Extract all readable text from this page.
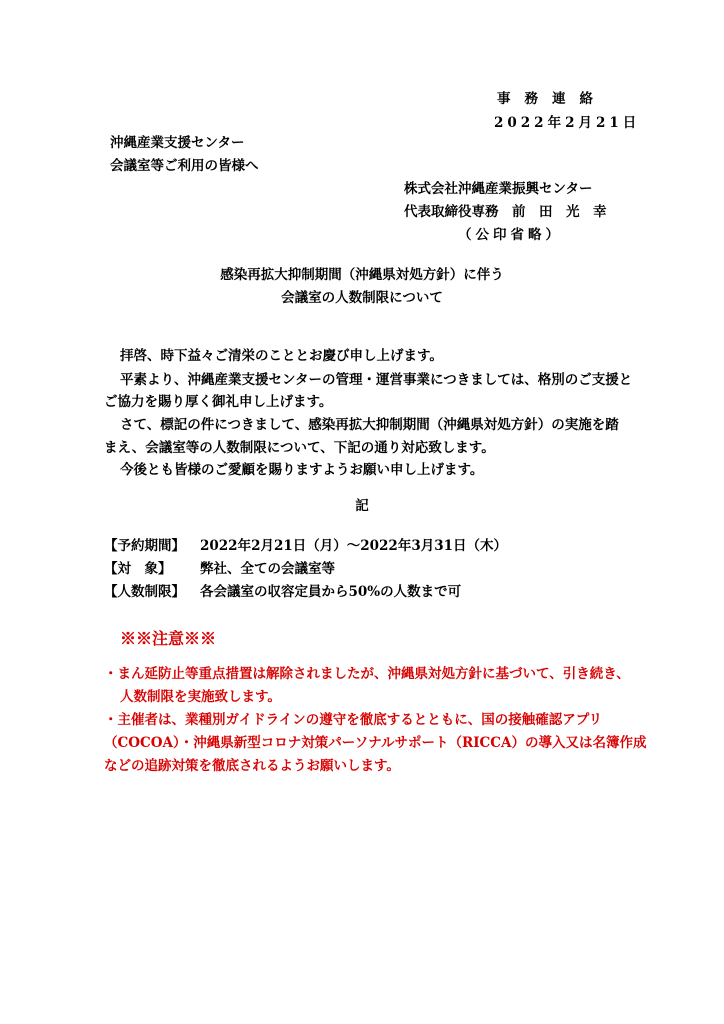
事務連絡
2022年2月21日
沖縄産業支援センター
会議室等ご利用の皆様へ
株式会社沖縄産業振興センター
代表取締役専務　前　田　光　幸
（公印省略）
感染再拡大抑制期間（沖縄県対処方針）に伴う
会議室の人数制限について
拝啓、時下益々ご清栄のこととお慶び申し上げます。
平素より、沖縄産業支援センターの管理・運営事業につきましては、格別のご支援と
ご協力を賜り厚く御礼申し上げます。
さて、標記の件につきまして、感染再拡大抑制期間（沖縄県対処方針）の実施を踏
まえ、会議室等の人数制限について、下記の通り対応致します。
今後とも皆様のご愛顧を賜りますようお願い申し上げます。
記
【予約期間】 2022年2月21日（月）～2022年3月31日（木）
【対　象】 弊社、全ての会議室等
【人数制限】 各会議室の収容定員から50%の人数まで可
※※注意※※
・まん延防止等重点措置は解除されましたが、沖縄県対処方針に基づいて、引き続き、
人数制限を実施致します。
・主催者は、業種別ガイドラインの遵守を徹底するとともに、国の接触確認アプリ
（COCOA）・沖縄県新型コロナ対策パーソナルサポート（RICCA）の導入又は名簿作成
などの追跡対策を徹底されるようお願いします。
